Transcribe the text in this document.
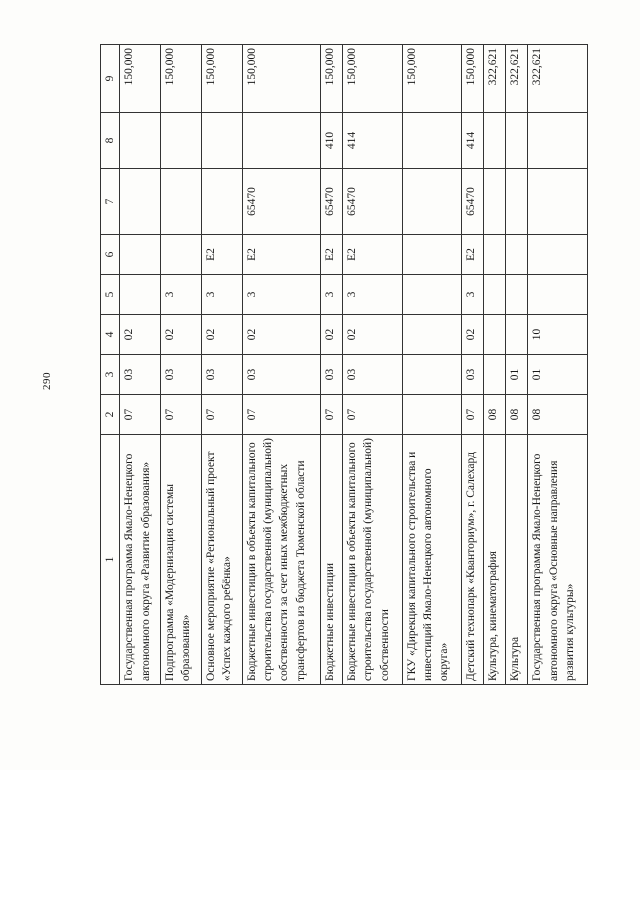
290
1	2	3	4	5	6	7	8	9
Государственная программа Ямало-Ненецкого автономного округа «Развитие образования»	07	03	02					150,000
Подпрограмма «Модернизация системы образования»	07	03	02	3				150,000
Основное мероприятие «Региональный проект «Успех каждого ребёнка»	07	03	02	3	E2			150,000
Бюджетные инвестиции в объекты капитального строительства государственной (муниципальной) собственности за счет иных межбюджетных трансфертов из бюджета Тюменской области	07	03	02	3	E2	65470		150,000
Бюджетные инвестиции	07	03	02	3	E2	65470	410	150,000
Бюджетные инвестиции в объекты капитального строительства государственной (муниципальной) собственности	07	03	02	3	E2	65470	414	150,000
ГКУ «Дирекция капитального строительства и инвестиций Ямало-Ненецкого автономного округа»								150,000
Детский технопарк «Кванториум», г. Салехард	07	03	02	3	E2	65470	414	150,000
Культура, кинематография	08							322,621
Культура	08	01						322,621
Государственная программа Ямало-Ненецкого автономного округа «Основные направления развития культуры»	08	01	10					322,621
